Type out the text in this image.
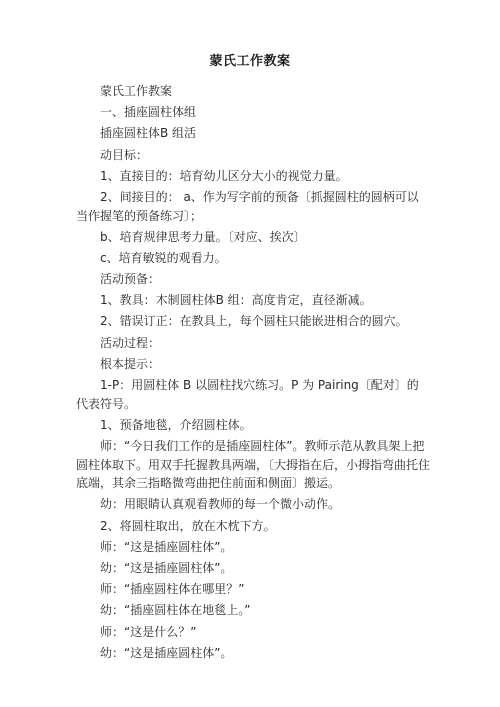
蒙氏工作教案

蒙氏工作教案

一、插座圆柱体组

插座圆柱体B 组活

动目标：

1、直接目的：培育幼儿区分大小的视觉力量。

2、间接目的： a、作为写字前的预备〔抓握圆柱的圆柄可以当作握笔的预备练习〕；

b、培育规律思考力量。〔对应、挨次〕

c、培育敏锐的观看力。

活动预备：

1、教具：木制圆柱体B 组：高度肯定，直径渐减。

2、错误订正：在教具上，每个圆柱只能嵌进相合的圆穴。

活动过程：

根本提示：

1-P：用圆柱体 B 以圆柱找穴练习。P 为 Pairing〔配对〕的代表符号。

1、预备地毯，介绍圆柱体。

师：“今日我们工作的是插座圆柱体”。教师示范从教具架上把圆柱体取下。用双手托握教具两端，〔大拇指在后，小拇指弯曲托住底端，其余三指略微弯曲把住前面和侧面〕搬运。

幼：用眼睛认真观看教师的每一个微小动作。

2、将圆柱取出，放在木枕下方。

师：“这是插座圆柱体”。

幼：“这是插座圆柱体”。

师：“插座圆柱体在哪里？”

幼：“插座圆柱体在地毯上。”

师：“这是什么？”

幼：“这是插座圆柱体”。
